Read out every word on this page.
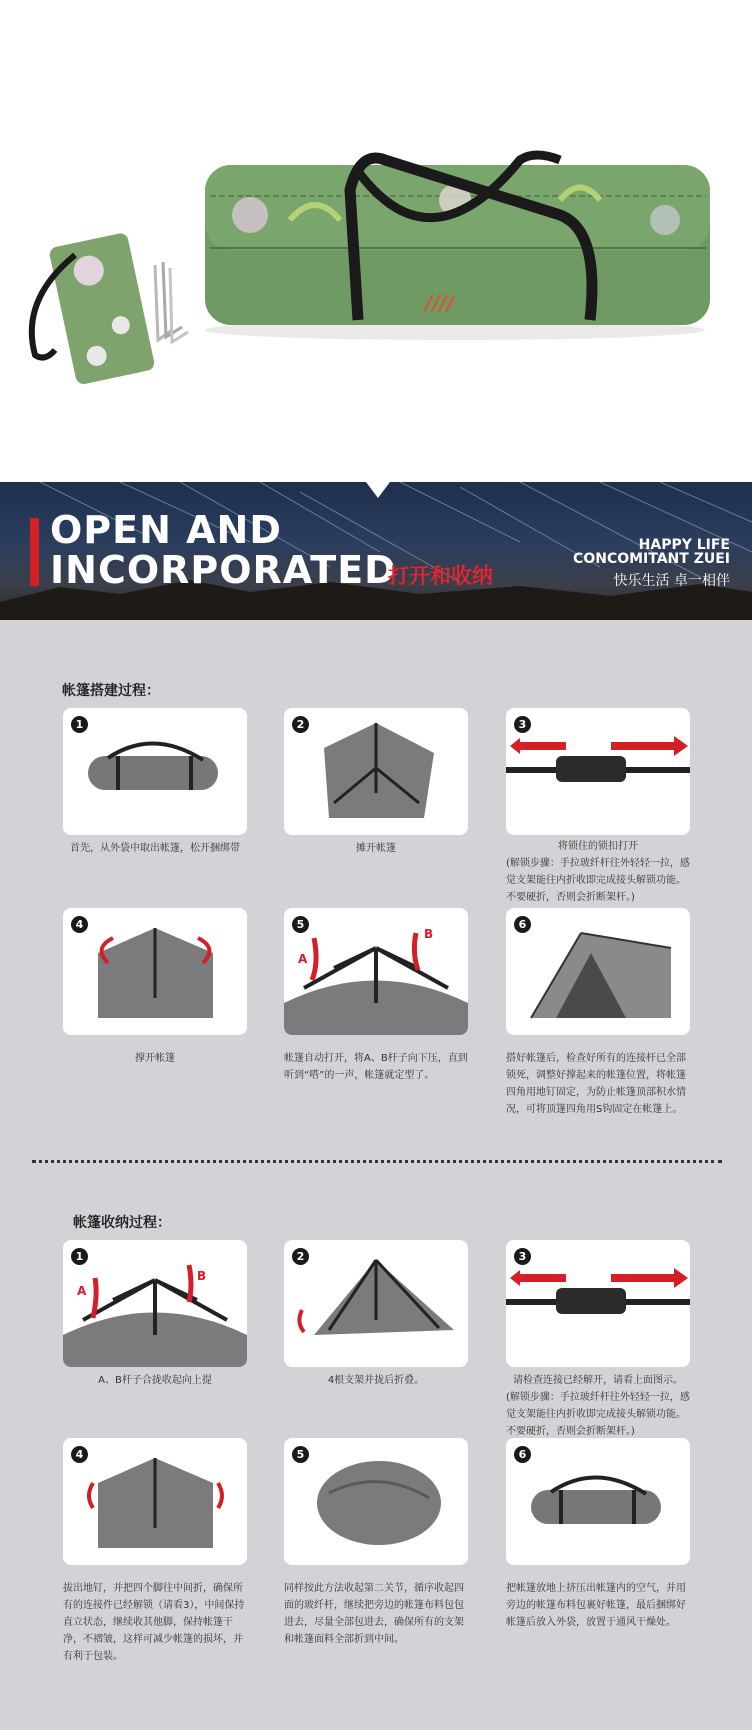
////
OPEN AND
INCORPORATED
打开和收纳
HAPPY LIFE
CONCOMITANT ZUEI
快乐生活 卓一相伴
帐篷搭建过程：
1	2	3
首先，从外袋中取出帐篷，松开捆绑带	摊开帐篷	将锁住的锁扣打开

(解锁步骤：手拉玻纤杆往外轻轻一拉，感觉支架能往内折收即完成接头解锁功能。不要硬折，否则会折断架杆。)

4	5
A
B
6
撑开帐篷	帐篷自动打开，将A、B杆子向下压，直到听到“嗒”的一声，帐篷就定型了。
搭好帐篷后，检查好所有的连接杆已全部锁死，调整好撑起来的帐篷位置，将帐篷四角用地钉固定，为防止帐篷顶部积水情况，可将顶篷四角用S钩固定在帐篷上。
帐篷收纳过程：
1
A
B
2	3
A、B杆子合拢收起向上提	4根支架并拢后折叠。	请检查连接已经解开，请看上面图示。

(解锁步骤：手拉玻纤杆往外轻轻一拉，感觉支架能往内折收即完成接头解锁功能。不要硬折，否则会折断架杆。)

4	5	6
拔出地钉，并把四个脚往中间折，确保所有的连接件已经解锁（请看3），中间保持直立状态，继续收其他脚，保持帐篷干净，不褶皱，这样可减少帐篷的损坏，并有利于包装。
同样按此方法收起第二关节，循序收起四面的玻纤杆，继续把旁边的帐篷布料包包进去，尽量全部包进去，确保所有的支架和帐篷面料全部折到中间。
把帐篷放地上挤压出帐篷内的空气，并用旁边的帐篷布料包裹好帐篷，最后捆绑好帐篷后放入外袋，放置于通风干燥处。
